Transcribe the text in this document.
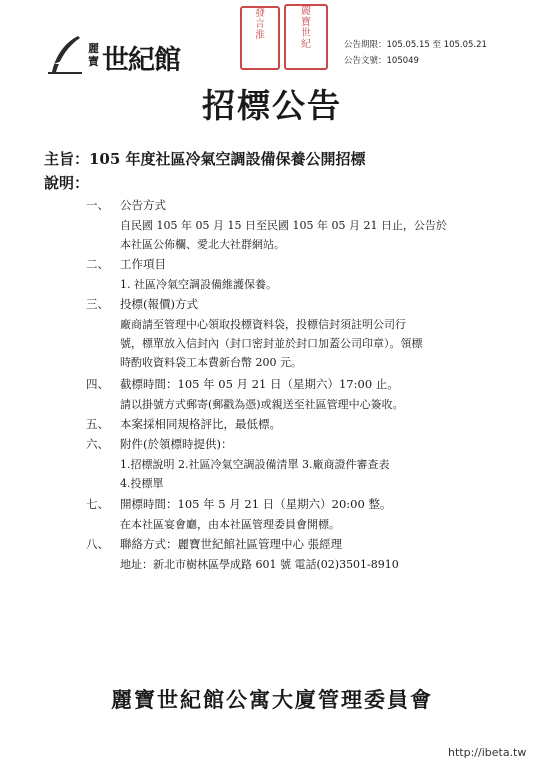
麗
寶 世紀館
發
言
淮
麗
寶
世
紀	公告期限：105.05.15 至 105.05.21
公告文號：105049
招標公告
主旨：105 年度社區冷氣空調設備保養公開招標
說明：
一、 公告方式
自民國 105 年 05 月 15 日至民國 105 年 05 月 21 日止，公告於
本社區公佈欄、愛北大社群網站。
二、 工作項目
1. 社區冷氣空調設備維護保養。
三、 投標(報價)方式
廠商請至管理中心領取投標資料袋，投標信封須註明公司行
號，標單放入信封內（封口密封並於封口加蓋公司印章）。領標
時酌收資料袋工本費新台幣 200 元。
四、 截標時間：105 年 05 月 21 日（星期六）17:00 止。
請以掛號方式郵寄(郵戳為憑)或親送至社區管理中心簽收。
五、 本案採相同規格評比，最低標。
六、 附件(於領標時提供)：
1.招標說明 2.社區冷氣空調設備清單 3.廠商證件審查表
4.投標單
七、 開標時間：105 年 5 月 21 日（星期六）20:00 整。
在本社區宴會廳，由本社區管理委員會開標。
八、 聯絡方式：麗寶世紀館社區管理中心 張經理
地址：新北市樹林區學成路 601 號 電話(02)3501-8910
麗寶世紀館公寓大廈管理委員會
http://ibeta.tw
